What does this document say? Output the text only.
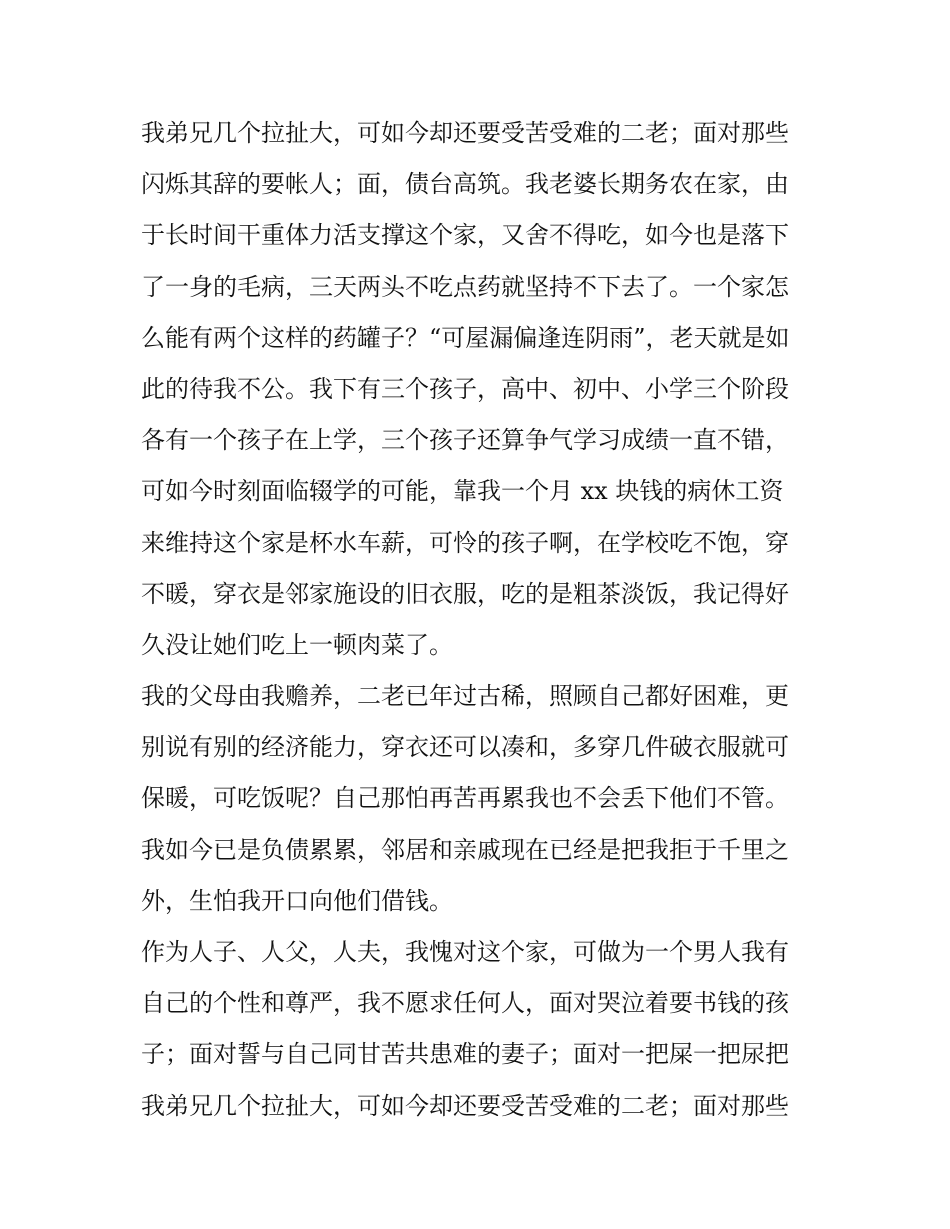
我弟兄几个拉扯大，可如今却还要受苦受难的二老；面对那些
闪烁其辞的要帐人；面，债台高筑。我老婆长期务农在家，由
于长时间干重体力活支撑这个家，又舍不得吃，如今也是落下
了一身的毛病，三天两头不吃点药就坚持不下去了。一个家怎
么能有两个这样的药罐子？“可屋漏偏逢连阴雨”，老天就是如
此的待我不公。我下有三个孩子，高中、初中、小学三个阶段
各有一个孩子在上学，三个孩子还算争气学习成绩一直不错，
可如今时刻面临辍学的可能，靠我一个月 xx 块钱的病休工资
来维持这个家是杯水车薪，可怜的孩子啊，在学校吃不饱，穿
不暖，穿衣是邻家施设的旧衣服，吃的是粗茶淡饭，我记得好
久没让她们吃上一顿肉菜了。
我的父母由我赡养，二老已年过古稀，照顾自己都好困难，更
别说有别的经济能力，穿衣还可以凑和，多穿几件破衣服就可
保暖，可吃饭呢？自己那怕再苦再累我也不会丢下他们不管。
我如今已是负债累累，邻居和亲戚现在已经是把我拒于千里之
外，生怕我开口向他们借钱。
作为人子、人父，人夫，我愧对这个家，可做为一个男人我有
自己的个性和尊严，我不愿求任何人，面对哭泣着要书钱的孩
子；面对誓与自己同甘苦共患难的妻子；面对一把屎一把尿把
我弟兄几个拉扯大，可如今却还要受苦受难的二老；面对那些
